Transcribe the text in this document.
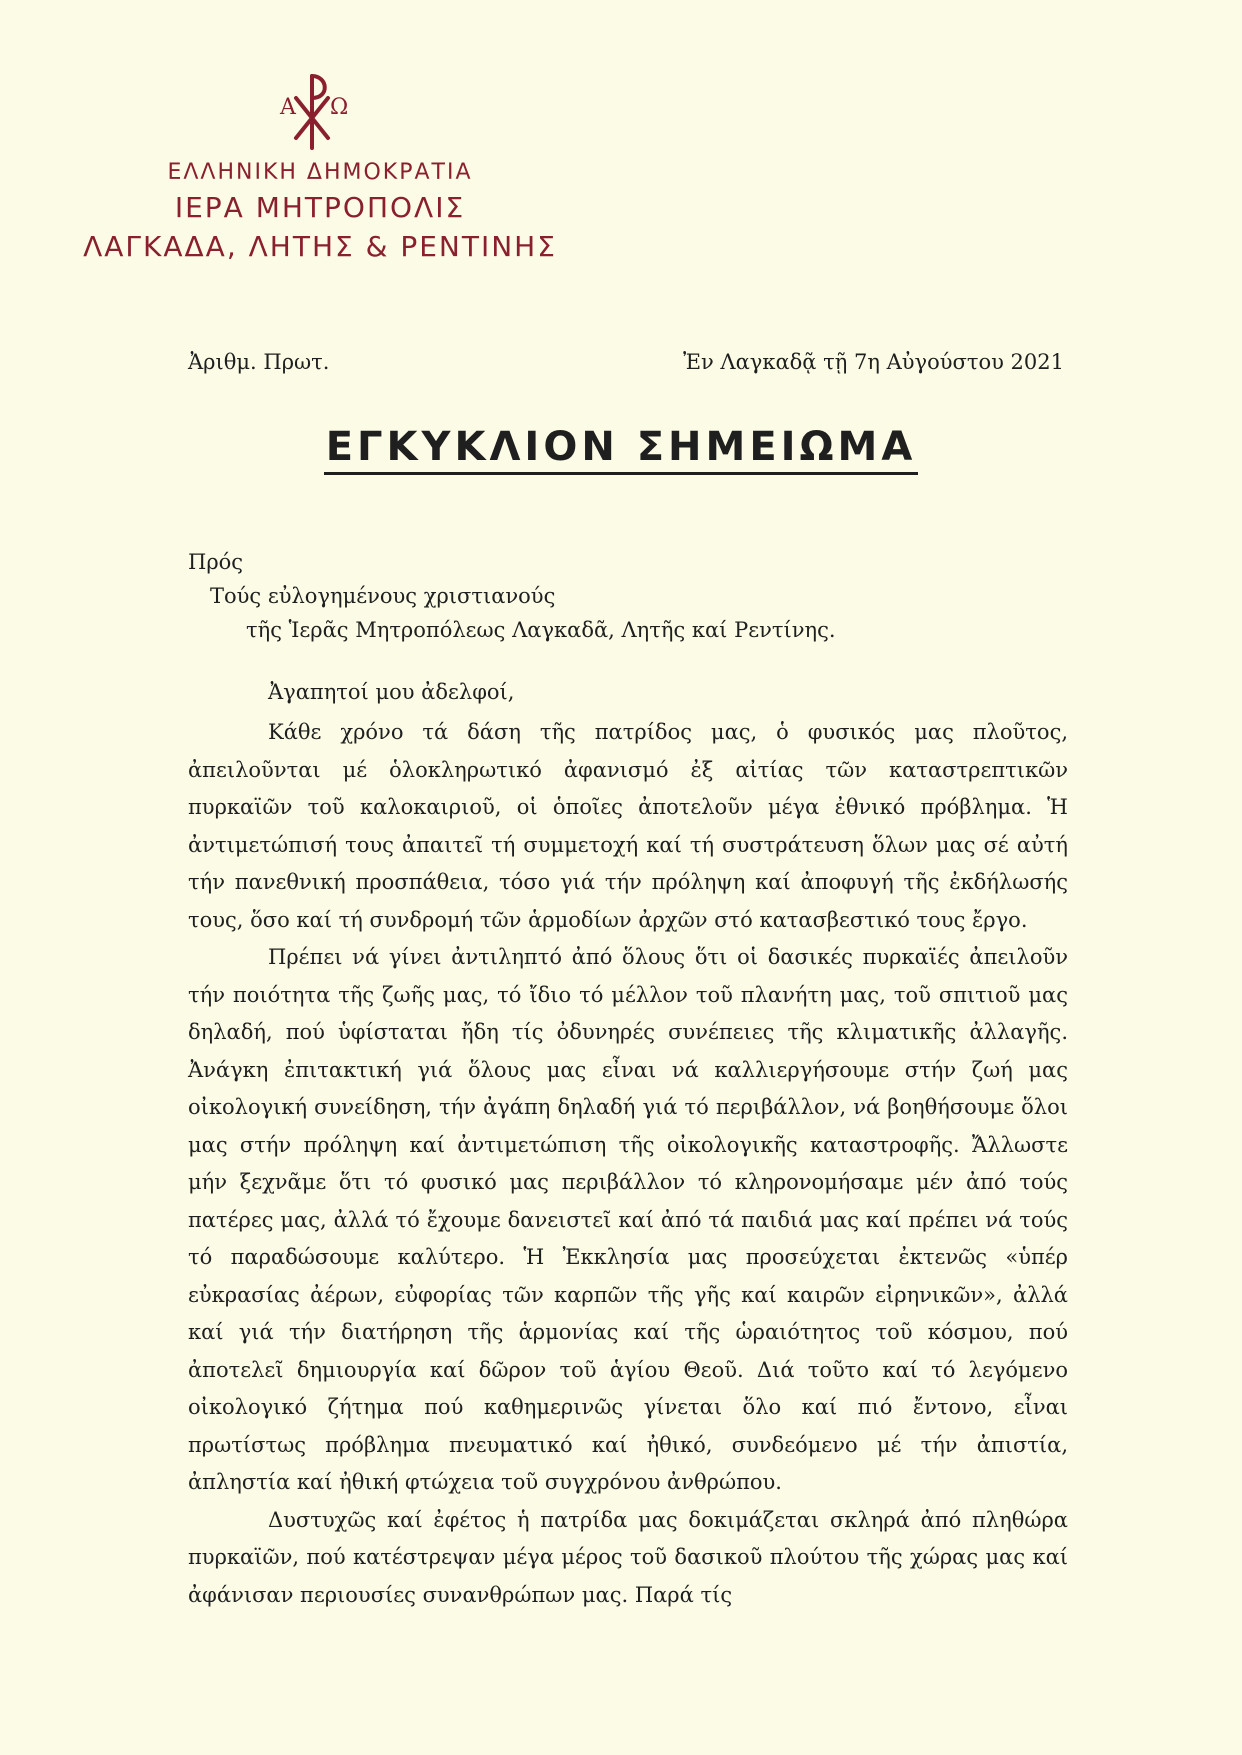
Α Ω
ΕΛΛΗΝΙΚΗ ΔΗΜΟΚΡΑΤΙΑ
ΙΕΡΑ ΜΗΤΡΟΠΟΛΙΣ
ΛΑΓΚΑΔΑ, ΛΗΤΗΣ & ΡΕΝΤΙΝΗΣ
Ἀριθμ. Πρωτ.	Ἐν Λαγκαδᾷ τῇ 7η Αὐγούστου 2021
ΕΓΚΥΚΛΙΟΝ ΣΗΜΕΙΩΜΑ
Πρός
Τούς εὐλογημένους χριστιανούς
τῆς Ἱερᾶς Μητροπόλεως Λαγκαδᾶ, Λητῆς καί Ρεντίνης.
Ἀγαπητοί μου ἀδελφοί,

Κάθε χρόνο τά δάση τῆς πατρίδος μας, ὁ φυσικός μας πλοῦτος, ἀπειλοῦνται μέ ὁλοκληρωτικό ἀφανισμό ἐξ αἰτίας τῶν καταστρεπτικῶν πυρκαϊῶν τοῦ καλοκαιριοῦ, οἱ ὁποῖες ἀποτελοῦν μέγα ἐθνικό πρόβλημα. Ἡ ἀντιμετώπισή τους ἀπαιτεῖ τή συμμετοχή καί τή συστράτευση ὅλων μας σέ αὐτή τήν πανεθνική προσπάθεια, τόσο γιά τήν πρόληψη καί ἀποφυγή τῆς ἐκδήλωσής τους, ὅσο καί τή συνδρομή τῶν ἁρμοδίων ἀρχῶν στό κατασβεστικό τους ἔργο.

Πρέπει νά γίνει ἀντιληπτό ἀπό ὅλους ὅτι οἱ δασικές πυρκαϊές ἀπειλοῦν τήν ποιότητα τῆς ζωῆς μας, τό ἴδιο τό μέλλον τοῦ πλανήτη μας, τοῦ σπιτιοῦ μας δηλαδή, πού ὑφίσταται ἤδη τίς ὀδυνηρές συνέπειες τῆς κλιματικῆς ἀλλαγῆς. Ἀνάγκη ἐπιτακτική γιά ὅλους μας εἶναι νά καλλιεργήσουμε στήν ζωή μας οἰκολογική συνείδηση, τήν ἀγάπη δηλαδή γιά τό περιβάλλον, νά βοηθήσουμε ὅλοι μας στήν πρόληψη καί ἀντιμετώπιση τῆς οἰκολογικῆς καταστροφῆς. Ἄλλωστε μήν ξεχνᾶμε ὅτι τό φυσικό μας περιβάλλον τό κληρονομήσαμε μέν ἀπό τούς πατέρες μας, ἀλλά τό ἔχουμε δανειστεῖ καί ἀπό τά παιδιά μας καί πρέπει νά τούς τό παραδώσουμε καλύτερο. Ἡ Ἐκκλησία μας προσεύχεται ἐκτενῶς «ὑπέρ εὐκρασίας ἀέρων, εὐφορίας τῶν καρπῶν τῆς γῆς καί καιρῶν εἰρηνικῶν», ἀλλά καί γιά τήν διατήρηση τῆς ἁρμονίας καί τῆς ὡραιότητος τοῦ κόσμου, πού ἀποτελεῖ δημιουργία καί δῶρον τοῦ ἁγίου Θεοῦ. Διά τοῦτο καί τό λεγόμενο οἰκολογικό ζήτημα πού καθημερινῶς γίνεται ὅλο καί πιό ἔντονο, εἶναι πρωτίστως πρόβλημα πνευματικό καί ἠθικό, συνδεόμενο μέ τήν ἀπιστία, ἀπληστία καί ἠθική φτώχεια τοῦ συγχρόνου ἀνθρώπου.

Δυστυχῶς καί ἐφέτος ἡ πατρίδα μας δοκιμάζεται σκληρά ἀπό πληθώρα πυρκαϊῶν, πού κατέστρεψαν μέγα μέρος τοῦ δασικοῦ πλούτου τῆς χώρας μας καί ἀφάνισαν περιουσίες συνανθρώπων μας. Παρά τίς
